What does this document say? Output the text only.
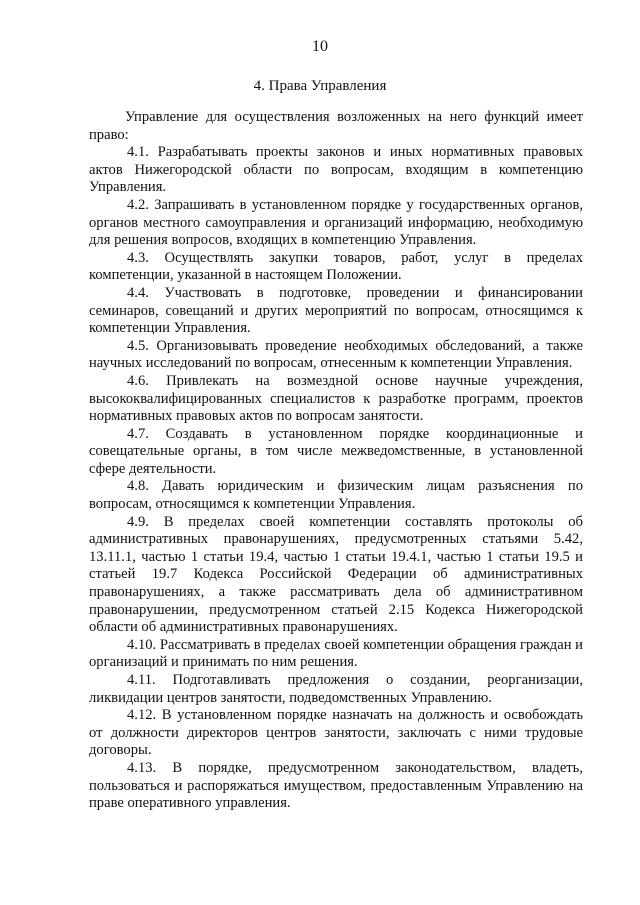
10
4. Права Управления

Управление для осуществления возложенных на него функций имеет право:

4.1. Разрабатывать проекты законов и иных нормативных правовых актов Нижегородской области по вопросам, входящим в компетенцию Управления.

4.2. Запрашивать в установленном порядке у государственных органов, органов местного самоуправления и организаций информацию, необходимую для решения вопросов, входящих в компетенцию Управления.

4.3. Осуществлять закупки товаров, работ, услуг в пределах компетенции, указанной в настоящем Положении.

4.4. Участвовать в подготовке, проведении и финансировании семинаров, совещаний и других мероприятий по вопросам, относящимся к компетенции Управления.

4.5. Организовывать проведение необходимых обследований, а также научных исследований по вопросам, отнесенным к компетенции Управления.

4.6. Привлекать на возмездной основе научные учреждения, высококвалифицированных специалистов к разработке программ, проектов нормативных правовых актов по вопросам занятости.

4.7. Создавать в установленном порядке координационные и совещательные органы, в том числе межведомственные, в установленной сфере деятельности.

4.8. Давать юридическим и физическим лицам разъяснения по вопросам, относящимся к компетенции Управления.

4.9. В пределах своей компетенции составлять протоколы об административных правонарушениях, предусмотренных статьями 5.42, 13.11.1, частью 1 статьи 19.4, частью 1 статьи 19.4.1, частью 1 статьи 19.5 и статьей 19.7 Кодекса Российской Федерации об административных правонарушениях, а также рассматривать дела об административном правонарушении, предусмотренном статьей 2.15 Кодекса Нижегородской области об административных правонарушениях.

4.10. Рассматривать в пределах своей компетенции обращения граждан и организаций и принимать по ним решения.

4.11. Подготавливать предложения о создании, реорганизации, ликвидации центров занятости, подведомственных Управлению.

4.12. В установленном порядке назначать на должность и освобождать от должности директоров центров занятости, заключать с ними трудовые договоры.

4.13. В порядке, предусмотренном законодательством, владеть, пользоваться и распоряжаться имуществом, предоставленным Управлению на праве оперативного управления.
